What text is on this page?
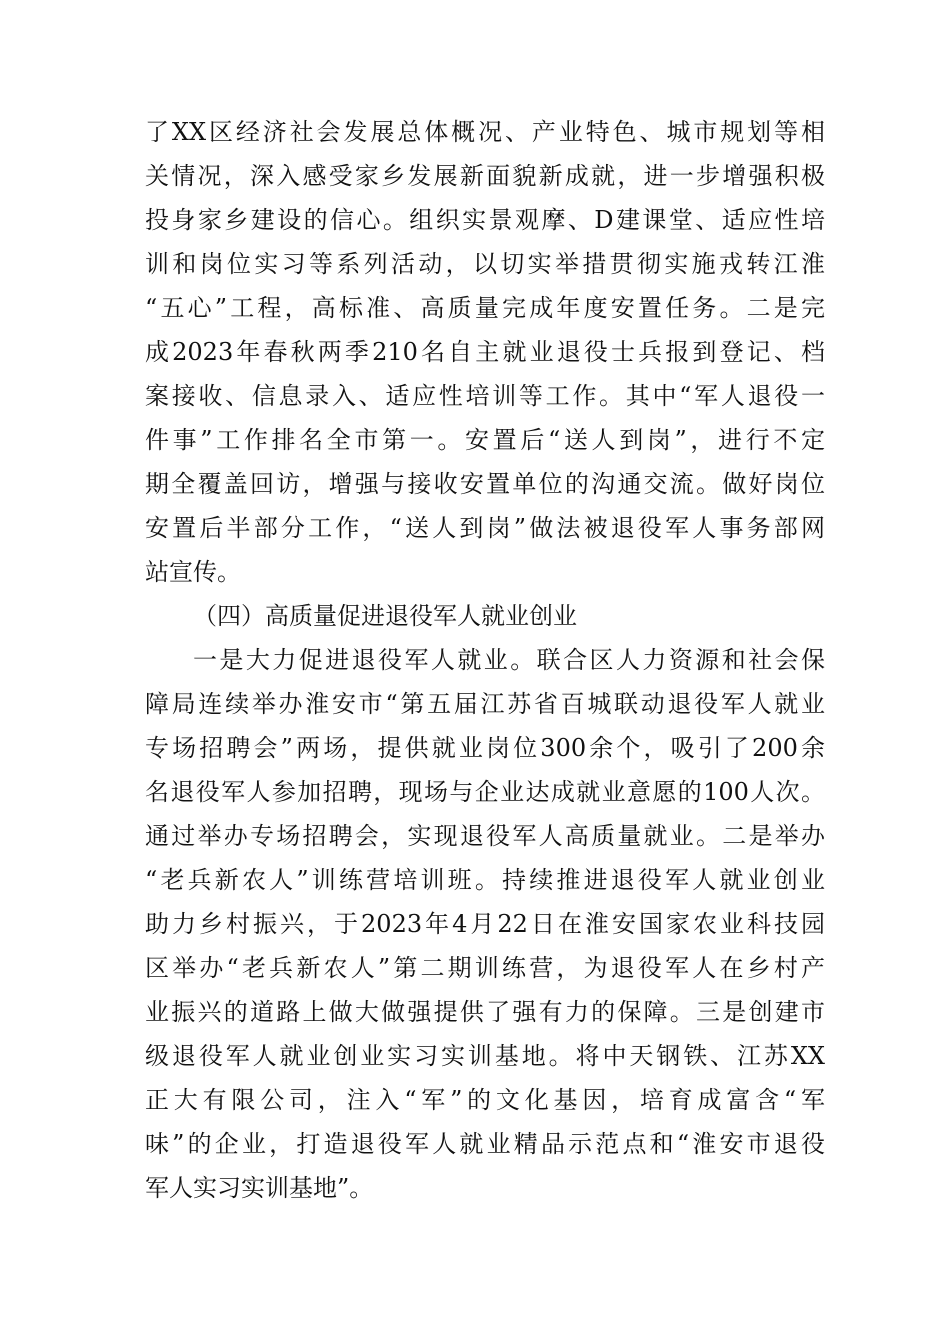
了XX区经济社会发展总体概况、产业特色、城市规划等相
关情况，深入感受家乡发展新面貌新成就，进一步增强积极
投身家乡建设的信心。组织实景观摩、D建课堂、适应性培
训和岗位实习等系列活动，以切实举措贯彻实施戎转江淮
“五心”工程，高标准、高质量完成年度安置任务。二是完
成2023年春秋两季210名自主就业退役士兵报到登记、档
案接收、信息录入、适应性培训等工作。其中“军人退役一
件事”工作排名全市第一。安置后“送人到岗”，进行不定
期全覆盖回访，增强与接收安置单位的沟通交流。做好岗位
安置后半部分工作，“送人到岗”做法被退役军人事务部网
站宣传。
（四）高质量促进退役军人就业创业
一是大力促进退役军人就业。联合区人力资源和社会保
障局连续举办淮安市“第五届江苏省百城联动退役军人就业
专场招聘会”两场，提供就业岗位300余个，吸引了200余
名退役军人参加招聘，现场与企业达成就业意愿的100人次。
通过举办专场招聘会，实现退役军人高质量就业。二是举办
“老兵新农人”训练营培训班。持续推进退役军人就业创业
助力乡村振兴，于2023年4月22日在淮安国家农业科技园
区举办“老兵新农人”第二期训练营，为退役军人在乡村产
业振兴的道路上做大做强提供了强有力的保障。三是创建市
级退役军人就业创业实习实训基地。将中天钢铁、江苏XX
正大有限公司，注入“军”的文化基因，培育成富含“军
味”的企业，打造退役军人就业精品示范点和“淮安市退役
军人实习实训基地”。
